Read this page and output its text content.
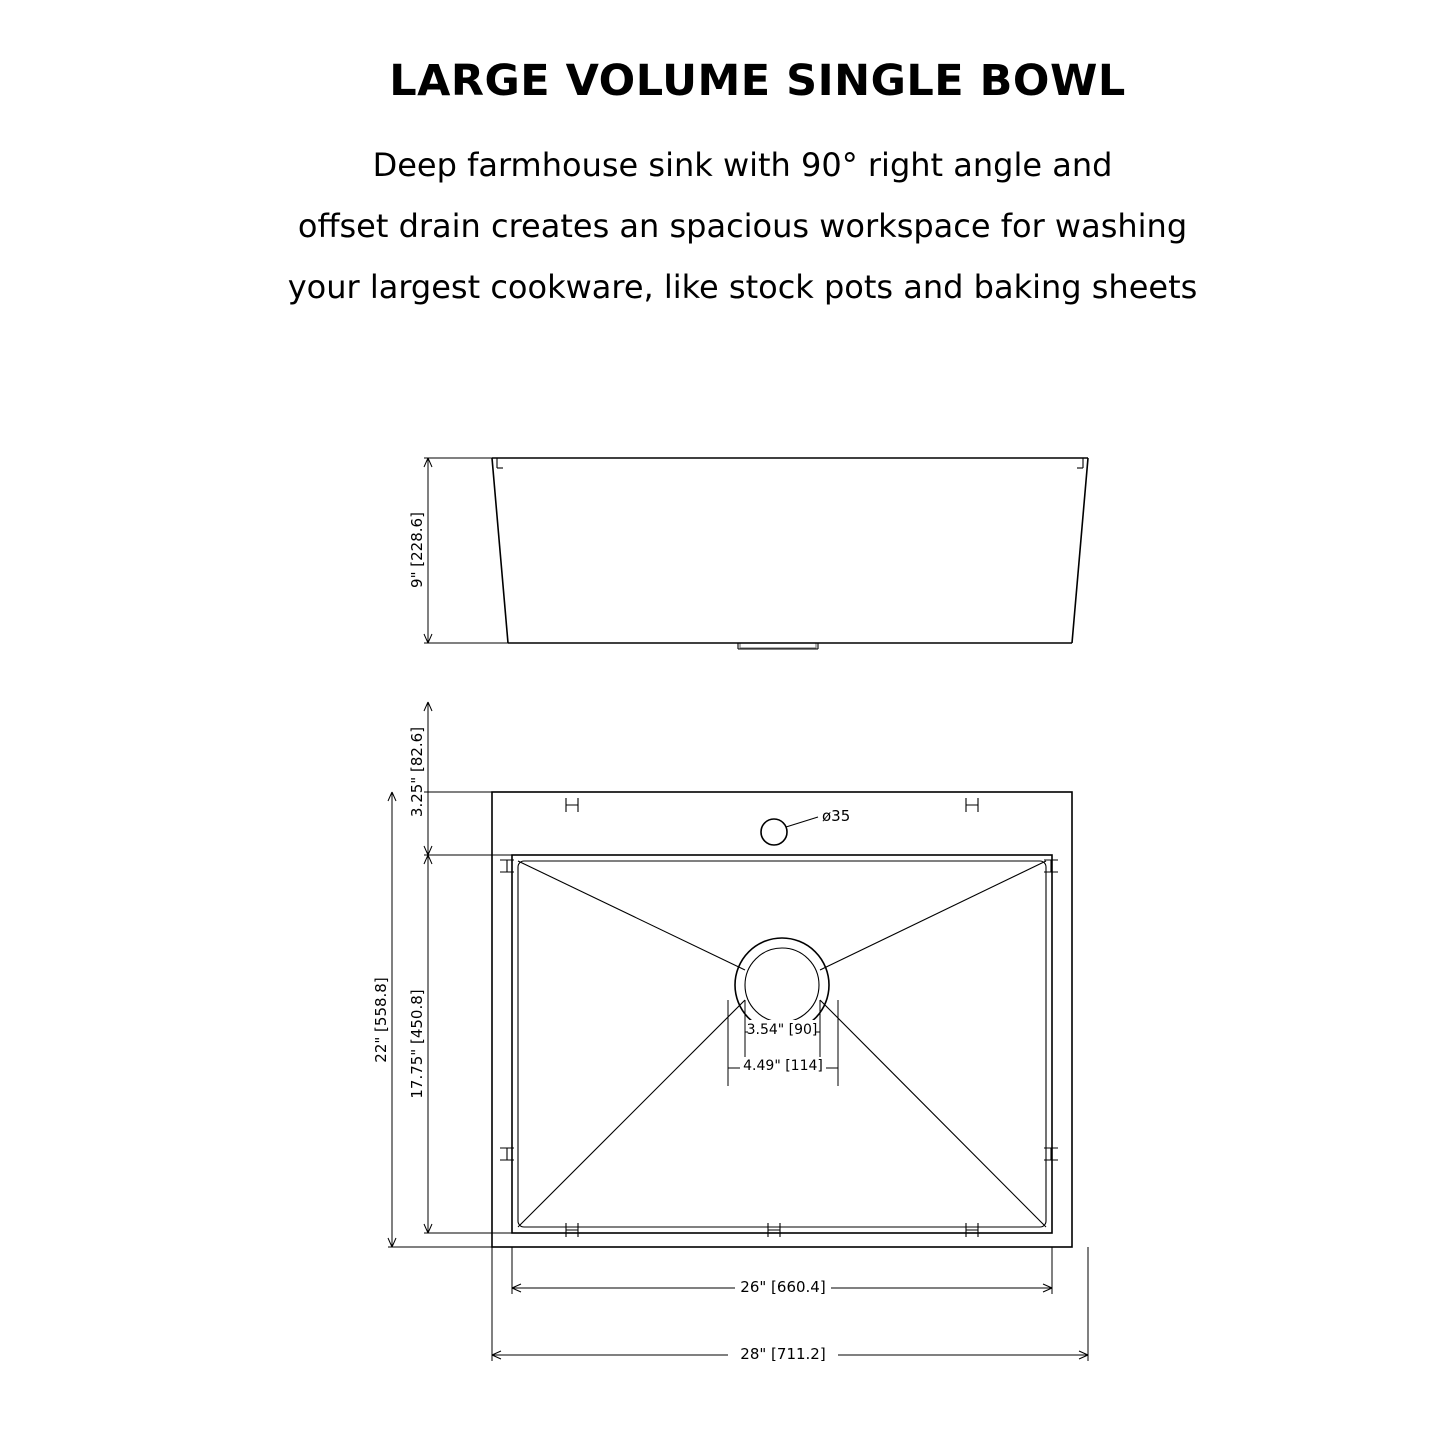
LARGE VOLUME SINGLE BOWL

Deep farmhouse sink with 90° right angle and
offset drain creates an spacious workspace for washing
your largest cookware, like stock pots and baking sheets

9" [228.6]
ø35
3.54" [90]
4.49" [114]
3.25" [82.6]
17.75" [450.8]
22" [558.8]
26" [660.4]
28" [711.2]
